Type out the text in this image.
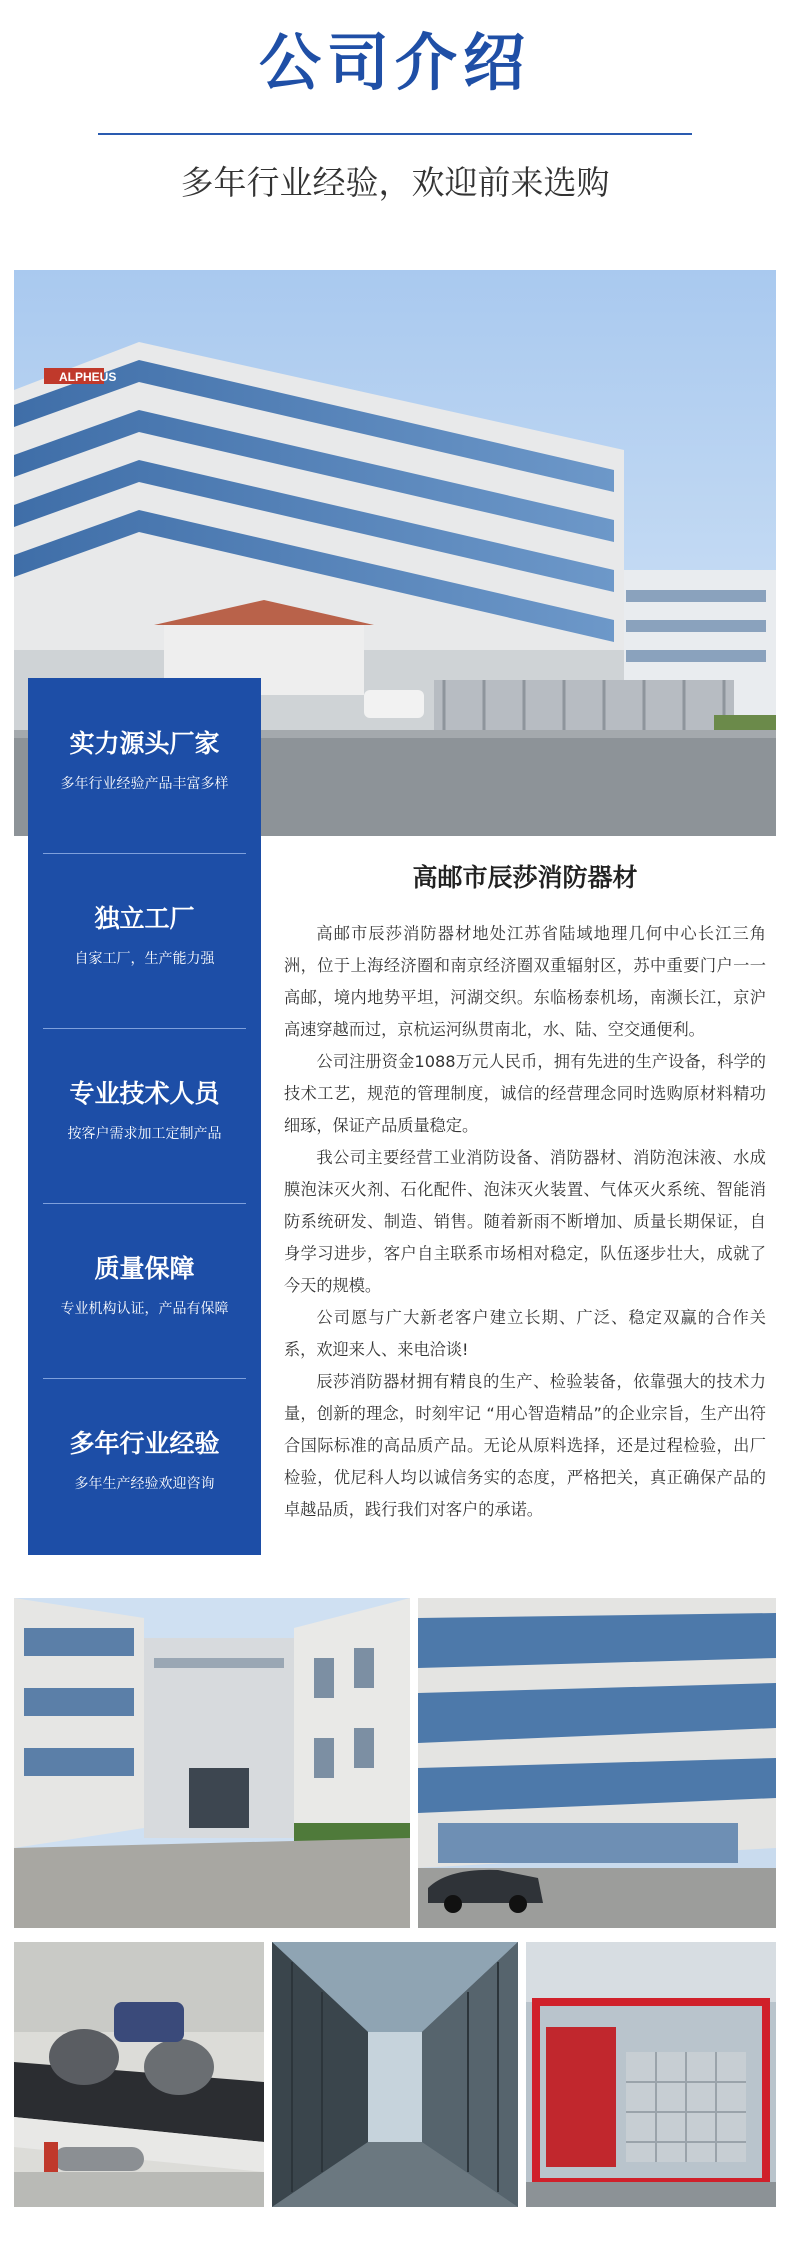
公司介绍
多年行业经验，欢迎前来选购
ALPHEUS
实力源头厂家
多年行业经验产品丰富多样
独立工厂
自家工厂，生产能力强
专业技术人员
按客户需求加工定制产品
质量保障
专业机构认证，产品有保障
多年行业经验
多年生产经验欢迎咨询
高邮市辰莎消防器材

高邮市辰莎消防器材地处江苏省陆域地理几何中心长江三角洲，位于上海经济圈和南京经济圈双重辐射区，苏中重要门户一一高邮，境内地势平坦，河湖交织。东临杨泰机场，南濒长江，京沪高速穿越而过，京杭运河纵贯南北，水、陆、空交通便利。

公司注册资金1088万元人民币，拥有先进的生产设备，科学的技术工艺，规范的管理制度，诚信的经营理念同时选购原材料精功细琢，保证产品质量稳定。

我公司主要经营工业消防设备、消防器材、消防泡沫液、水成膜泡沫灭火剂、石化配件、泡沫灭火装置、气体灭火系统、智能消防系统研发、制造、销售。随着新雨不断增加、质量长期保证，自身学习进步，客户自主联系市场相对稳定，队伍逐步壮大，成就了今天的规模。

公司愿与广大新老客户建立长期、广泛、稳定双赢的合作关系，欢迎来人、来电洽谈!

辰莎消防器材拥有精良的生产、检验装备，依靠强大的技术力量，创新的理念，时刻牢记 “用心智造精品”的企业宗旨，生产出符合国际标准的高品质产品。无论从原料选择，还是过程检验，出厂检验，优尼科人均以诚信务实的态度，严格把关，真正确保产品的卓越品质，践行我们对客户的承诺。
